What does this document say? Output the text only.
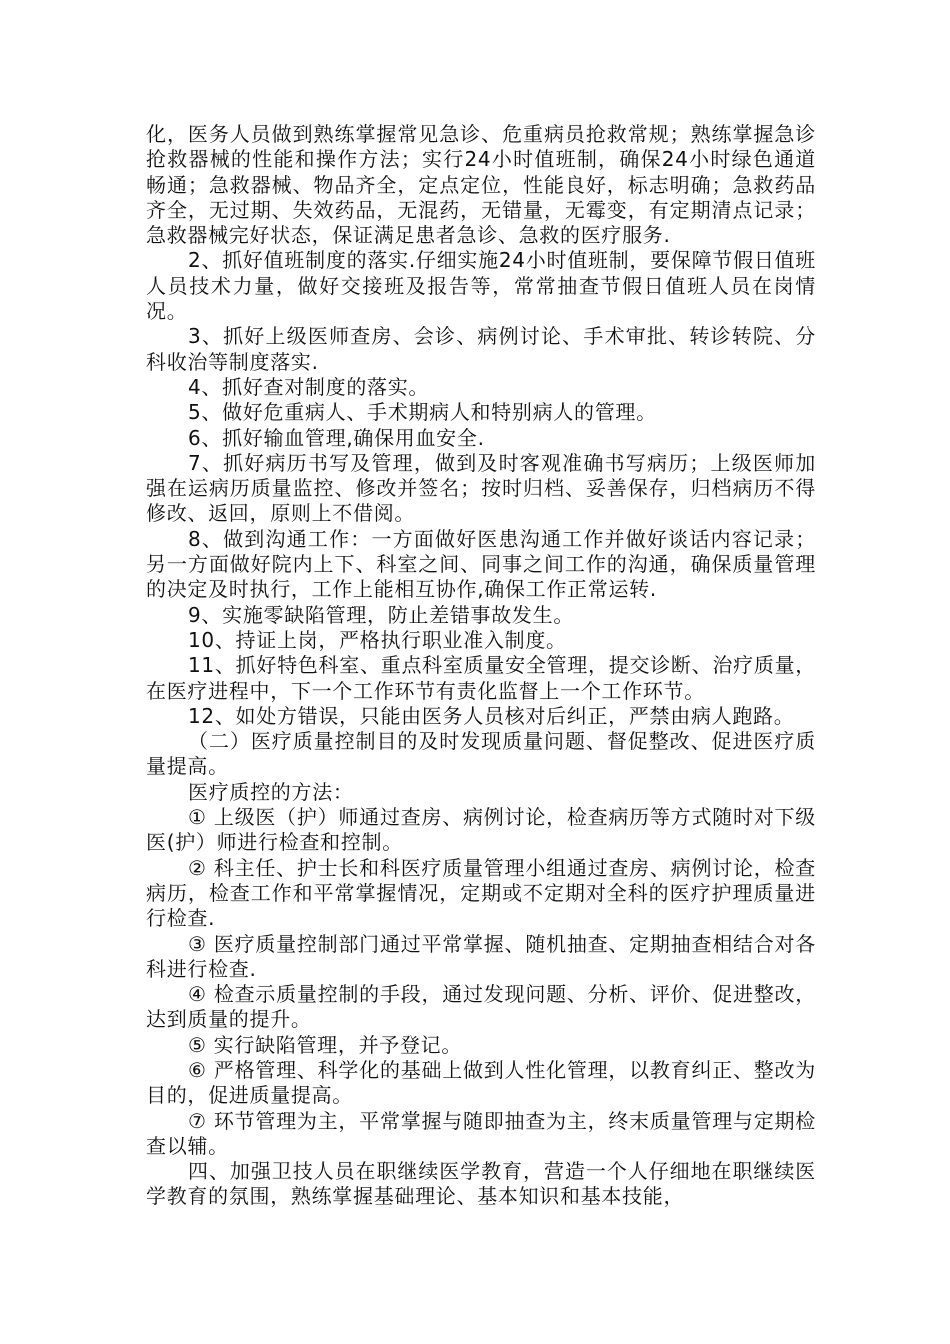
化，医务人员做到熟练掌握常见急诊、危重病员抢救常规；熟练掌握急诊抢救器械的性能和操作方法；实行24小时值班制，确保24小时绿色通道畅通；急救器械、物品齐全，定点定位，性能良好，标志明确；急救药品齐全，无过期、失效药品，无混药，无错量，无霉变，有定期清点记录；急救器械完好状态，保证满足患者急诊、急救的医疗服务.

2、抓好值班制度的落实.仔细实施24小时值班制，要保障节假日值班人员技术力量，做好交接班及报告等，常常抽查节假日值班人员在岗情况。

3、抓好上级医师查房、会诊、病例讨论、手术审批、转诊转院、分科收治等制度落实.

4、抓好查对制度的落实。

5、做好危重病人、手术期病人和特别病人的管理。

6、抓好输血管理,确保用血安全.

7、抓好病历书写及管理，做到及时客观准确书写病历；上级医师加强在运病历质量监控、修改并签名；按时归档、妥善保存，归档病历不得修改、返回，原则上不借阅。

8、做到沟通工作：一方面做好医患沟通工作并做好谈话内容记录；另一方面做好院内上下、科室之间、同事之间工作的沟通，确保质量管理的决定及时执行，工作上能相互协作,确保工作正常运转.

9、实施零缺陷管理，防止差错事故发生。

10、持证上岗，严格执行职业准入制度。

11、抓好特色科室、重点科室质量安全管理，提交诊断、治疗质量，在医疗进程中，下一个工作环节有责化监督上一个工作环节。

12、如处方错误，只能由医务人员核对后纠正，严禁由病人跑路。

（二）医疗质量控制目的及时发现质量问题、督促整改、促进医疗质量提高。

医疗质控的方法：

① 上级医（护）师通过查房、病例讨论，检查病历等方式随时对下级医(护）师进行检查和控制。

② 科主任、护士长和科医疗质量管理小组通过查房、病例讨论，检查病历，检查工作和平常掌握情况，定期或不定期对全科的医疗护理质量进行检查.

③ 医疗质量控制部门通过平常掌握、随机抽查、定期抽查相结合对各科进行检查.

④ 检查示质量控制的手段，通过发现问题、分析、评价、促进整改，达到质量的提升。

⑤ 实行缺陷管理，并予登记。

⑥ 严格管理、科学化的基础上做到人性化管理，以教育纠正、整改为目的，促进质量提高。

⑦ 环节管理为主，平常掌握与随即抽查为主，终末质量管理与定期检查以辅。

四、加强卫技人员在职继续医学教育，营造一个人仔细地在职继续医学教育的氛围，熟练掌握基础理论、基本知识和基本技能，
